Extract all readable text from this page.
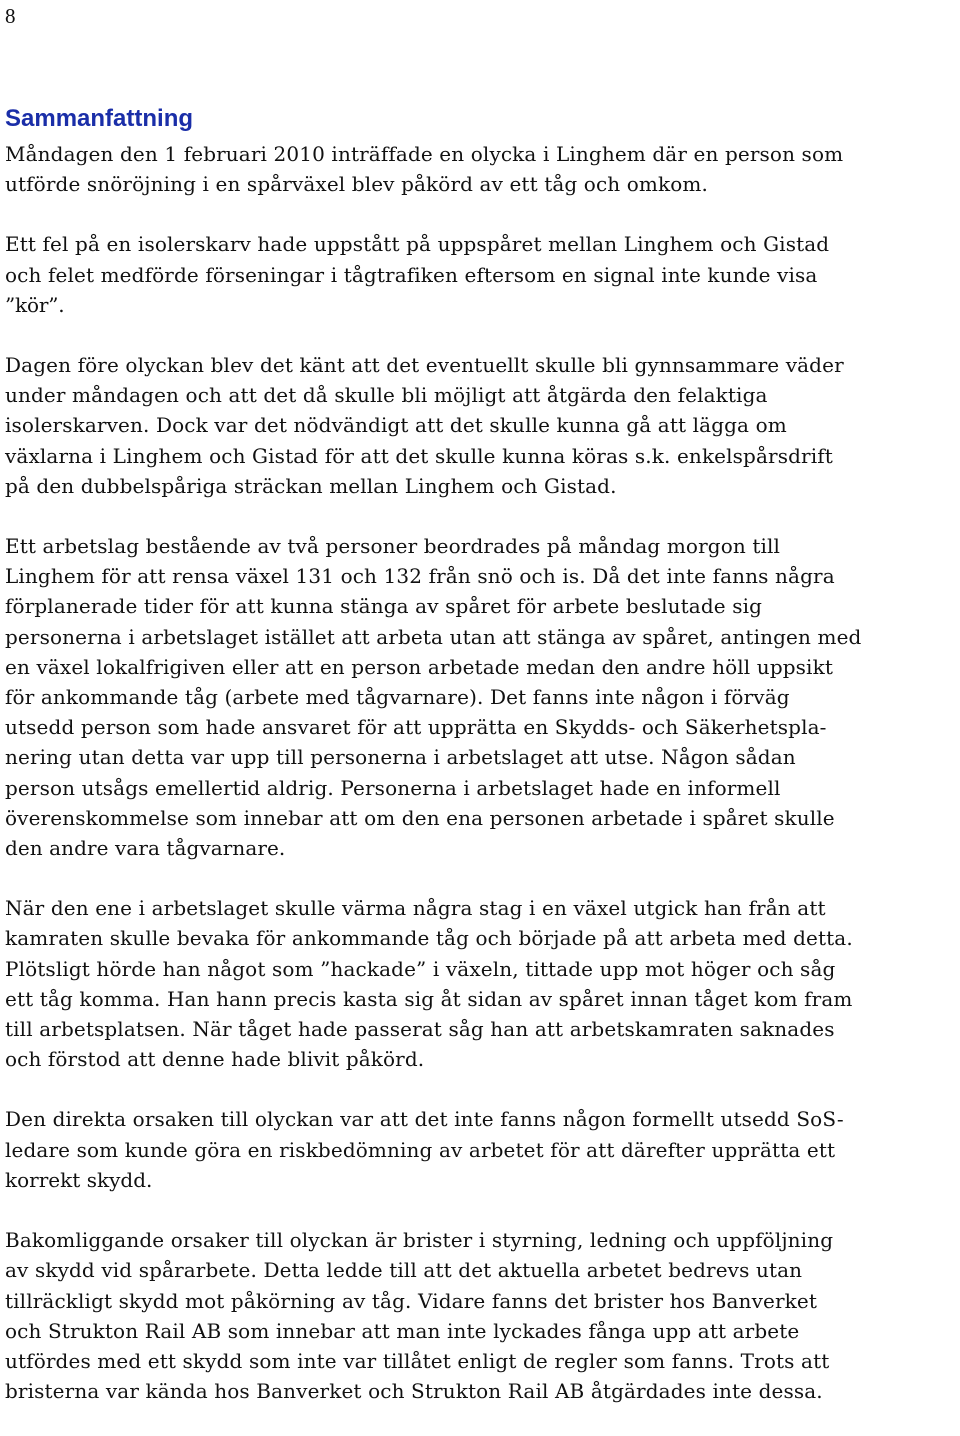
8
Sammanfattning

Måndagen den 1 februari 2010 inträffade en olycka i Linghem där en person som
utförde snöröjning i en spårväxel blev påkörd av ett tåg och omkom.

Ett fel på en isolerskarv hade uppstått på uppspåret mellan Linghem och Gistad
och felet medförde förseningar i tågtrafiken eftersom en signal inte kunde visa
”kör”.

Dagen före olyckan blev det känt att det eventuellt skulle bli gynnsammare väder
under måndagen och att det då skulle bli möjligt att åtgärda den felaktiga
isolerskarven. Dock var det nödvändigt att det skulle kunna gå att lägga om
växlarna i Linghem och Gistad för att det skulle kunna köras s.k. enkelspårsdrift
på den dubbelspåriga sträckan mellan Linghem och Gistad.

Ett arbetslag bestående av två personer beordrades på måndag morgon till
Linghem för att rensa växel 131 och 132 från snö och is. Då det inte fanns några
förplanerade tider för att kunna stänga av spåret för arbete beslutade sig
personerna i arbetslaget istället att arbeta utan att stänga av spåret, antingen med
en växel lokalfrigiven eller att en person arbetade medan den andre höll uppsikt
för ankommande tåg (arbete med tågvarnare). Det fanns inte någon i förväg
utsedd person som hade ansvaret för att upprätta en Skydds- och Säkerhetspla-
nering utan detta var upp till personerna i arbetslaget att utse. Någon sådan
person utsågs emellertid aldrig. Personerna i arbetslaget hade en informell
överenskommelse som innebar att om den ena personen arbetade i spåret skulle
den andre vara tågvarnare.

När den ene i arbetslaget skulle värma några stag i en växel utgick han från att
kamraten skulle bevaka för ankommande tåg och började på att arbeta med detta.
Plötsligt hörde han något som ”hackade” i växeln, tittade upp mot höger och såg
ett tåg komma. Han hann precis kasta sig åt sidan av spåret innan tåget kom fram
till arbetsplatsen. När tåget hade passerat såg han att arbetskamraten saknades
och förstod att denne hade blivit påkörd.

Den direkta orsaken till olyckan var att det inte fanns någon formellt utsedd SoS-
ledare som kunde göra en riskbedömning av arbetet för att därefter upprätta ett
korrekt skydd.

Bakomliggande orsaker till olyckan är brister i styrning, ledning och uppföljning
av skydd vid spårarbete. Detta ledde till att det aktuella arbetet bedrevs utan
tillräckligt skydd mot påkörning av tåg. Vidare fanns det brister hos Banverket
och Strukton Rail AB som innebar att man inte lyckades fånga upp att arbete
utfördes med ett skydd som inte var tillåtet enligt de regler som fanns. Trots att
bristerna var kända hos Banverket och Strukton Rail AB åtgärdades inte dessa.
